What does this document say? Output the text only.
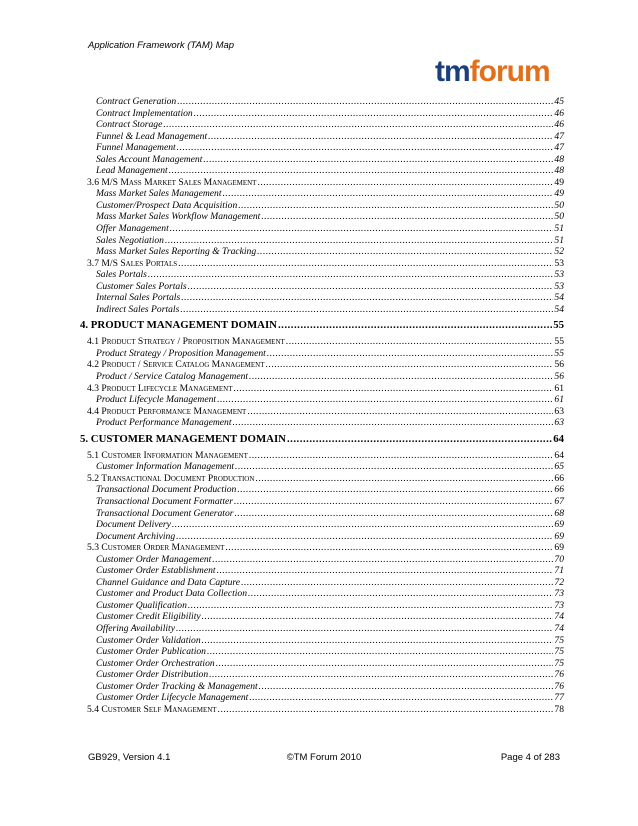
Application Framework (TAM) Map
tmforum
Contract Generation .....	45
Contract Implementation .....	46
Contract Storage .....	46
Funnel & Lead Management .....	47
Funnel Management .....	47
Sales Account Management .....	48
Lead Management .....	48
3.6 M/S Mass Market Sales Management .....	49
Mass Market Sales Management .....	49
Customer/Prospect Data Acquisition .....	50
Mass Market Sales Workflow Management .....	50
Offer Management .....	51
Sales Negotiation .....	51
Mass Market Sales Reporting & Tracking .....	52
3.7 M/S Sales Portals .....	53
Sales Portals .....	53
Customer Sales Portals .....	53
Internal Sales Portals .....	54
Indirect Sales Portals .....	54
4. PRODUCT MANAGEMENT DOMAIN .....	55
4.1 Product Strategy / Proposition Management .....	55
Product Strategy / Proposition Management .....	55
4.2 Product / Service Catalog Management .....	56
Product / Service Catalog Management .....	56
4.3 Product Lifecycle Management .....	61
Product Lifecycle Management .....	61
4.4 Product Performance Management .....	63
Product Performance Management .....	63
5. CUSTOMER MANAGEMENT DOMAIN .....	64
5.1 Customer Information Management .....	64
Customer Information Management .....	65
5.2 Transactional Document Production .....	66
Transactional Document Production .....	66
Transactional Document Formatter .....	67
Transactional Document Generator .....	68
Document Delivery .....	69
Document Archiving .....	69
5.3 Customer Order Management .....	69
Customer Order Management .....	70
Customer Order Establishment .....	71
Channel Guidance and Data Capture .....	72
Customer and Product Data Collection .....	73
Customer Qualification .....	73
Customer Credit Eligibility .....	74
Offering Availability .....	74
Customer Order Validation .....	75
Customer Order Publication .....	75
Customer Order Orchestration .....	75
Customer Order Distribution .....	76
Customer Order Tracking & Management .....	76
Customer Order Lifecycle Management .....	77
5.4 Customer Self Management .....	78
GB929, Version 4.1	©TM Forum 2010	Page 4 of 283
